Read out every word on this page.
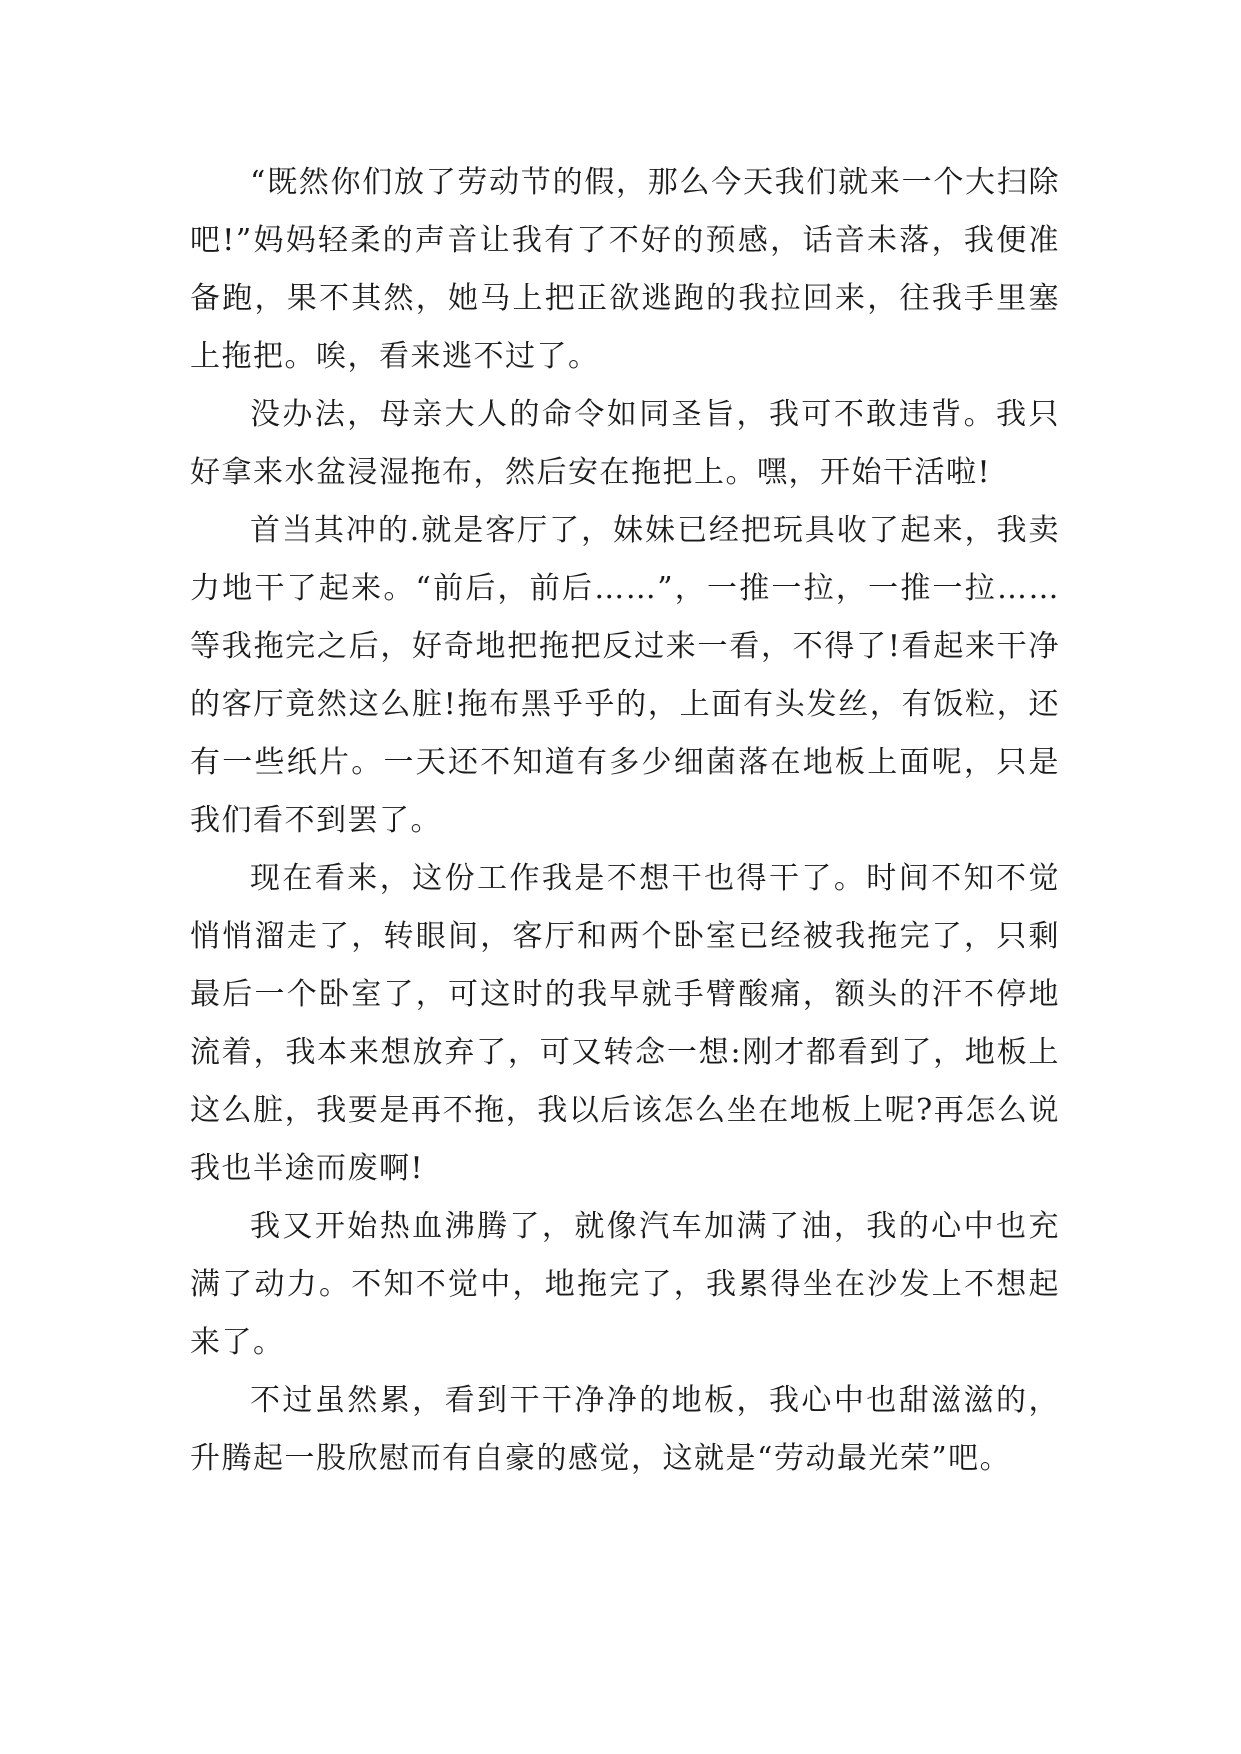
“既然你们放了劳动节的假，那么今天我们就来一个大扫除吧!”妈妈轻柔的声音让我有了不好的预感，话音未落，我便准备跑，果不其然，她马上把正欲逃跑的我拉回来，往我手里塞上拖把。唉，看来逃不过了。

没办法，母亲大人的命令如同圣旨，我可不敢违背。我只好拿来水盆浸湿拖布，然后安在拖把上。嘿，开始干活啦!

首当其冲的.就是客厅了，妹妹已经把玩具收了起来，我卖力地干了起来。“前后，前后……”，一推一拉，一推一拉……等我拖完之后，好奇地把拖把反过来一看，不得了!看起来干净的客厅竟然这么脏!拖布黑乎乎的，上面有头发丝，有饭粒，还有一些纸片。一天还不知道有多少细菌落在地板上面呢，只是我们看不到罢了。

现在看来，这份工作我是不想干也得干了。时间不知不觉悄悄溜走了，转眼间，客厅和两个卧室已经被我拖完了，只剩最后一个卧室了，可这时的我早就手臂酸痛，额头的汗不停地流着，我本来想放弃了，可又转念一想:刚才都看到了，地板上这么脏，我要是再不拖，我以后该怎么坐在地板上呢?再怎么说我也半途而废啊!

我又开始热血沸腾了，就像汽车加满了油，我的心中也充满了动力。不知不觉中，地拖完了，我累得坐在沙发上不想起来了。

不过虽然累，看到干干净净的地板，我心中也甜滋滋的，升腾起一股欣慰而有自豪的感觉，这就是“劳动最光荣”吧。
